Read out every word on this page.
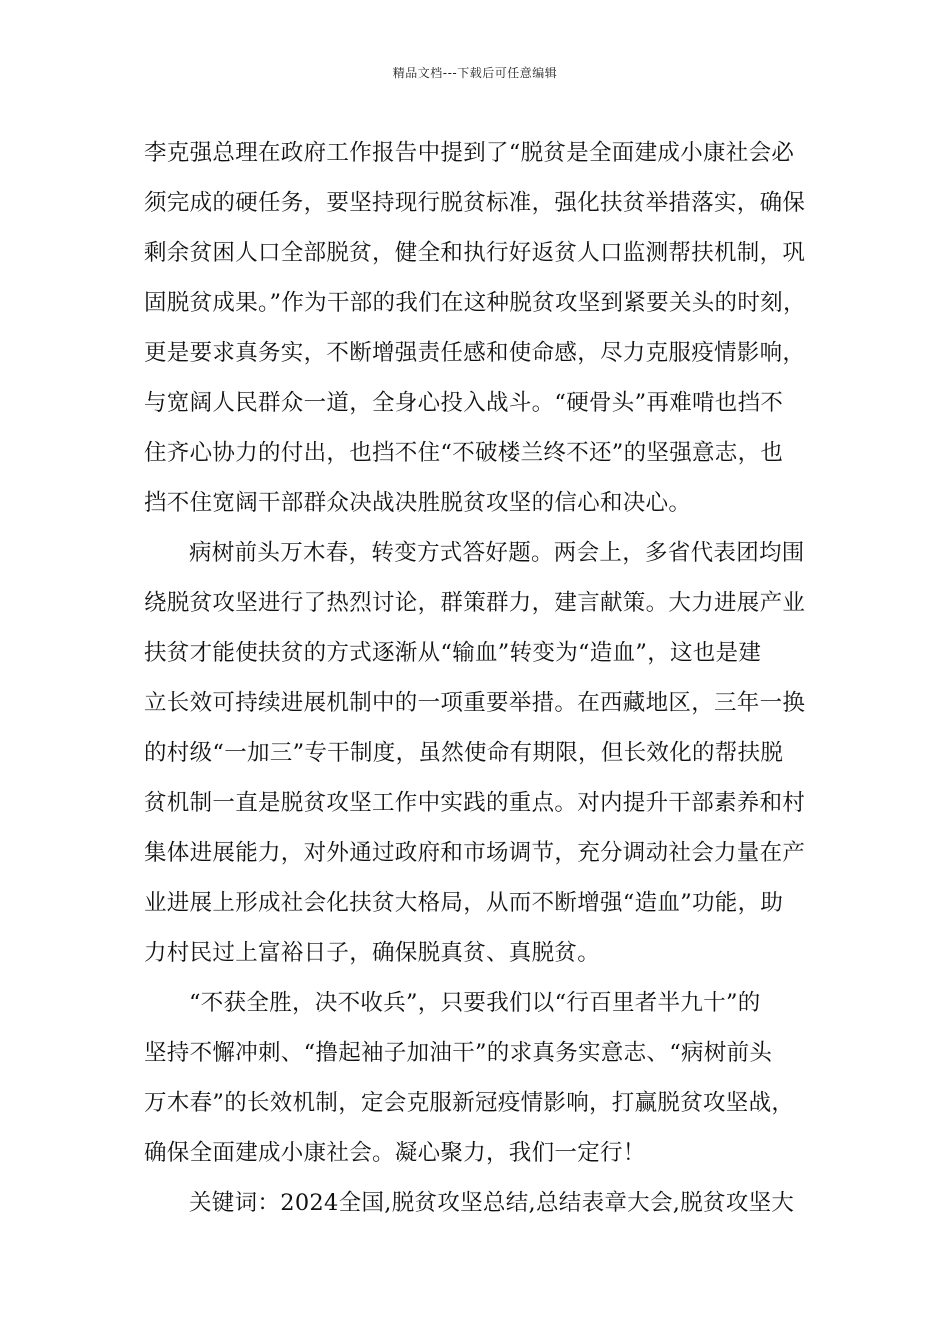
精品文档---下载后可任意编辑
李克强总理在政府工作报告中提到了“脱贫是全面建成小康社会必
须完成的硬任务，要坚持现行脱贫标准，强化扶贫举措落实，确保
剩余贫困人口全部脱贫，健全和执行好返贫人口监测帮扶机制，巩
固脱贫成果。”作为干部的我们在这种脱贫攻坚到紧要关头的时刻，
更是要求真务实，不断增强责任感和使命感，尽力克服疫情影响，
与宽阔人民群众一道，全身心投入战斗。“硬骨头”再难啃也挡不
住齐心协力的付出，也挡不住“不破楼兰终不还”的坚强意志，也
挡不住宽阔干部群众决战决胜脱贫攻坚的信心和决心。
病树前头万木春，转变方式答好题。两会上，多省代表团均围
绕脱贫攻坚进行了热烈讨论，群策群力，建言献策。大力进展产业
扶贫才能使扶贫的方式逐渐从“输血”转变为“造血”，这也是建
立长效可持续进展机制中的一项重要举措。在西藏地区，三年一换
的村级“一加三”专干制度，虽然使命有期限，但长效化的帮扶脱
贫机制一直是脱贫攻坚工作中实践的重点。对内提升干部素养和村
集体进展能力，对外通过政府和市场调节，充分调动社会力量在产
业进展上形成社会化扶贫大格局，从而不断增强“造血”功能，助
力村民过上富裕日子，确保脱真贫、真脱贫。
“不获全胜，决不收兵”，只要我们以“行百里者半九十”的
坚持不懈冲刺、“撸起袖子加油干”的求真务实意志、“病树前头
万木春”的长效机制，定会克服新冠疫情影响，打赢脱贫攻坚战，
确保全面建成小康社会。凝心聚力，我们一定行！
关键词：2024全国,脱贫攻坚总结,总结表章大会,脱贫攻坚大
